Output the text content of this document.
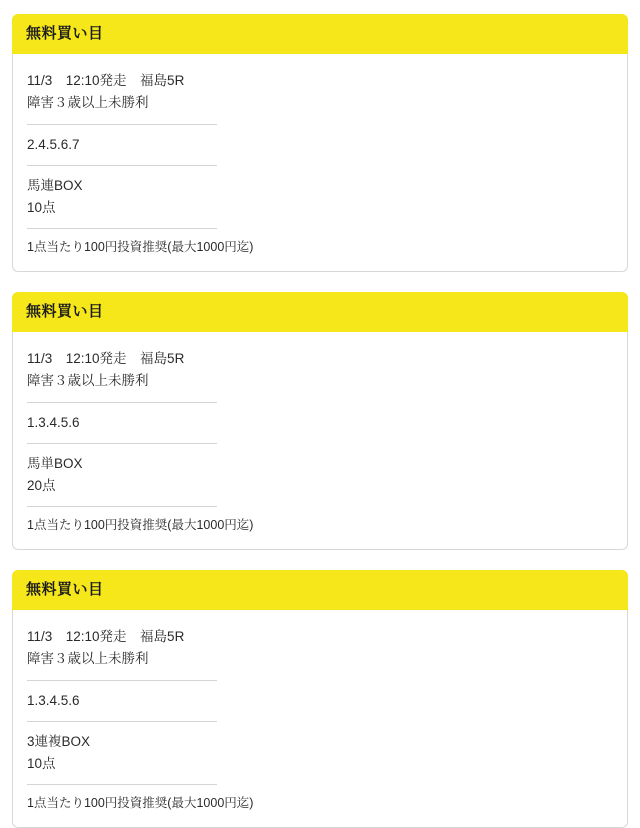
無料買い目
11/3　12:10発走　福島5R
障害３歳以上未勝利
2.4.5.6.7
馬連BOX
10点
1点当たり100円投資推奨(最大1000円迄)
無料買い目
11/3　12:10発走　福島5R
障害３歳以上未勝利
1.3.4.5.6
馬単BOX
20点
1点当たり100円投資推奨(最大1000円迄)
無料買い目
11/3　12:10発走　福島5R
障害３歳以上未勝利
1.3.4.5.6
3連複BOX
10点
1点当たり100円投資推奨(最大1000円迄)
